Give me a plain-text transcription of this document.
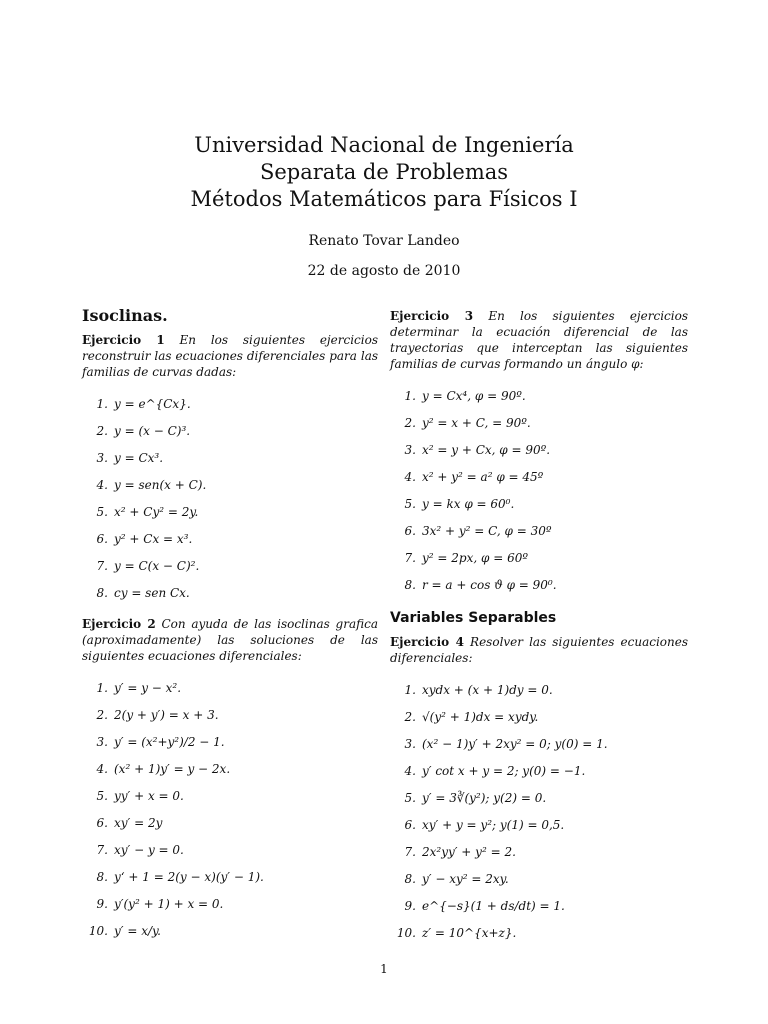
Universidad Nacional de Ingeniería

Separata de Problemas

Métodos Matemáticos para Físicos I

Renato Tovar Landeo
22 de agosto de 2010
Isoclinas.

Ejercicio 1 En los siguientes ejercicios reconstruir las ecuaciones diferenciales para las familias de curvas dadas:

1. y = e^{Cx}.
2. y = (x − C)³.
3. y = Cx³.
4. y = sen(x + C).
5. x² + Cy² = 2y.
6. y² + Cx = x³.
7. y = C(x − C)².
8. cy = sen Cx.

Ejercicio 2 Con ayuda de las isoclinas grafica (aproximadamente) las soluciones de las siguientes ecuaciones diferenciales:

1. y′ = y − x².
2. 2(y + y′) = x + 3.
3. y′ = (x²+y²)/2 − 1.
4. (x² + 1)y′ = y − 2x.
5. yy′ + x = 0.
6. xy′ = 2y
7. xy′ − y = 0.
8. y‘ + 1 = 2(y − x)(y′ − 1).
9. y′(y² + 1) + x = 0.
10. y′ = x/y.

Ejercicio 3 En los siguientes ejercicios determinar la ecuación diferencial de las trayectorias que interceptan las siguientes familias de curvas formando un ángulo φ:

1. y = Cx⁴, φ = 90º.
2. y² = x + C, = 90º.
3. x² = y + Cx, φ = 90º.
4. x² + y² = a² φ = 45º
5. y = kx φ = 60⁰.
6. 3x² + y² = C, φ = 30º
7. y² = 2px, φ = 60º
8. r = a + cos ϑ φ = 90⁰.
Variables Separables

Ejercicio 4 Resolver las siguientes ecuaciones diferenciales:

1. xydx + (x + 1)dy = 0.
2. √(y² + 1)dx = xydy.
3. (x² − 1)y′ + 2xy² = 0; y(0) = 1.
4. y′ cot x + y = 2; y(0) = −1.
5. y′ = 3∛(y²); y(2) = 0.
6. xy′ + y = y²; y(1) = 0,5.
7. 2x²yy′ + y² = 2.
8. y′ − xy² = 2xy.
9. e^{−s}(1 + ds/dt) = 1.
10. z′ = 10^{x+z}.
1
